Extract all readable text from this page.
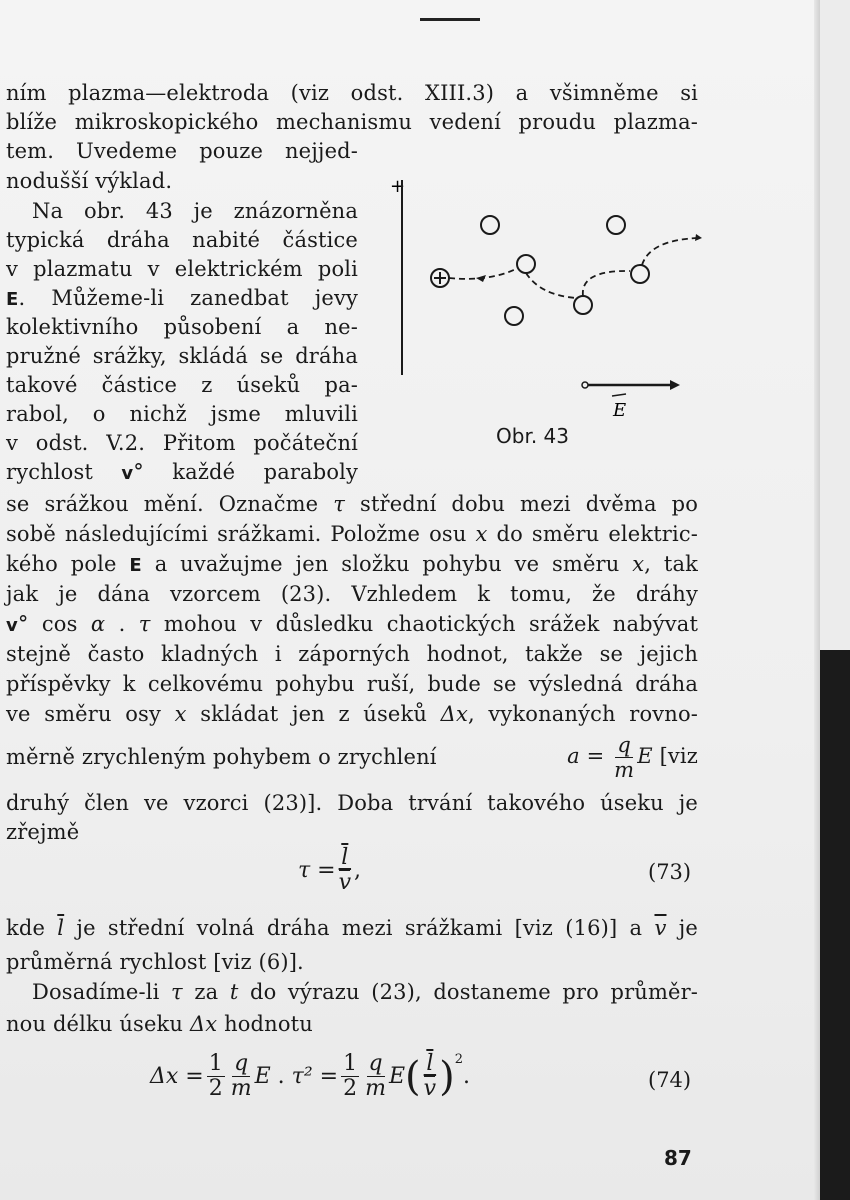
ním plazma—elektroda (viz odst. XIII.3) a všimněme si
blíže mikroskopického mechanismu vedení proudu plazma-
tem. Uvedeme pouze nejjed-
nodušší výklad.
Na obr. 43 je znázorněna
typická dráha nabité částice
v plazmatu v elektrickém poli
E. Můžeme-li zanedbat jevy
kolektivního působení a ne-
pružné srážky, skládá se dráha
takové částice z úseků pa-
rabol, o nichž jsme mluvili
v odst. V.2. Přitom počáteční
rychlost v° každé paraboly
se srážkou mění. Označme τ střední dobu mezi dvěma po
sobě následujícími srážkami. Položme osu x do směru elektric-
kého pole E a uvažujme jen složku pohybu ve směru x, tak
jak je dána vzorcem (23). Vzhledem k tomu, že dráhy
v° cos α . τ mohou v důsledku chaotických srážek nabývat
stejně často kladných i záporných hodnot, takže se jejich
příspěvky k celkovému pohybu ruší, bude se výsledná dráha
ve směru osy x skládat jen z úseků Δx, vykonaných rovno-
měrně zrychleným pohybem o zrychlení	$a = \frac{q}{m}$ E [viz
druhý člen ve vzorci (23)]. Doba trvání takového úseku je
zřejmě
τ
= $\frac{\overline{l}}{v}$ ,	(73)
kde $\overline{l}$ je střední volná dráha mezi srážkami [viz (16)] a $\overline{v}$ je
průměrná rychlost [viz (6)].
Dosadíme-li τ za t do výrazu (23), dostaneme pro průměr-
nou délku úseku Δx hodnotu
Δx
= $\frac{1}{2} \frac{q}{m}$ E
.
τ²
= $\frac{1}{2} \frac{q}{m}$ E ( $\frac{\overline{l}}{v} )^2$
.	(74)
+
E
Obr. 43
87
